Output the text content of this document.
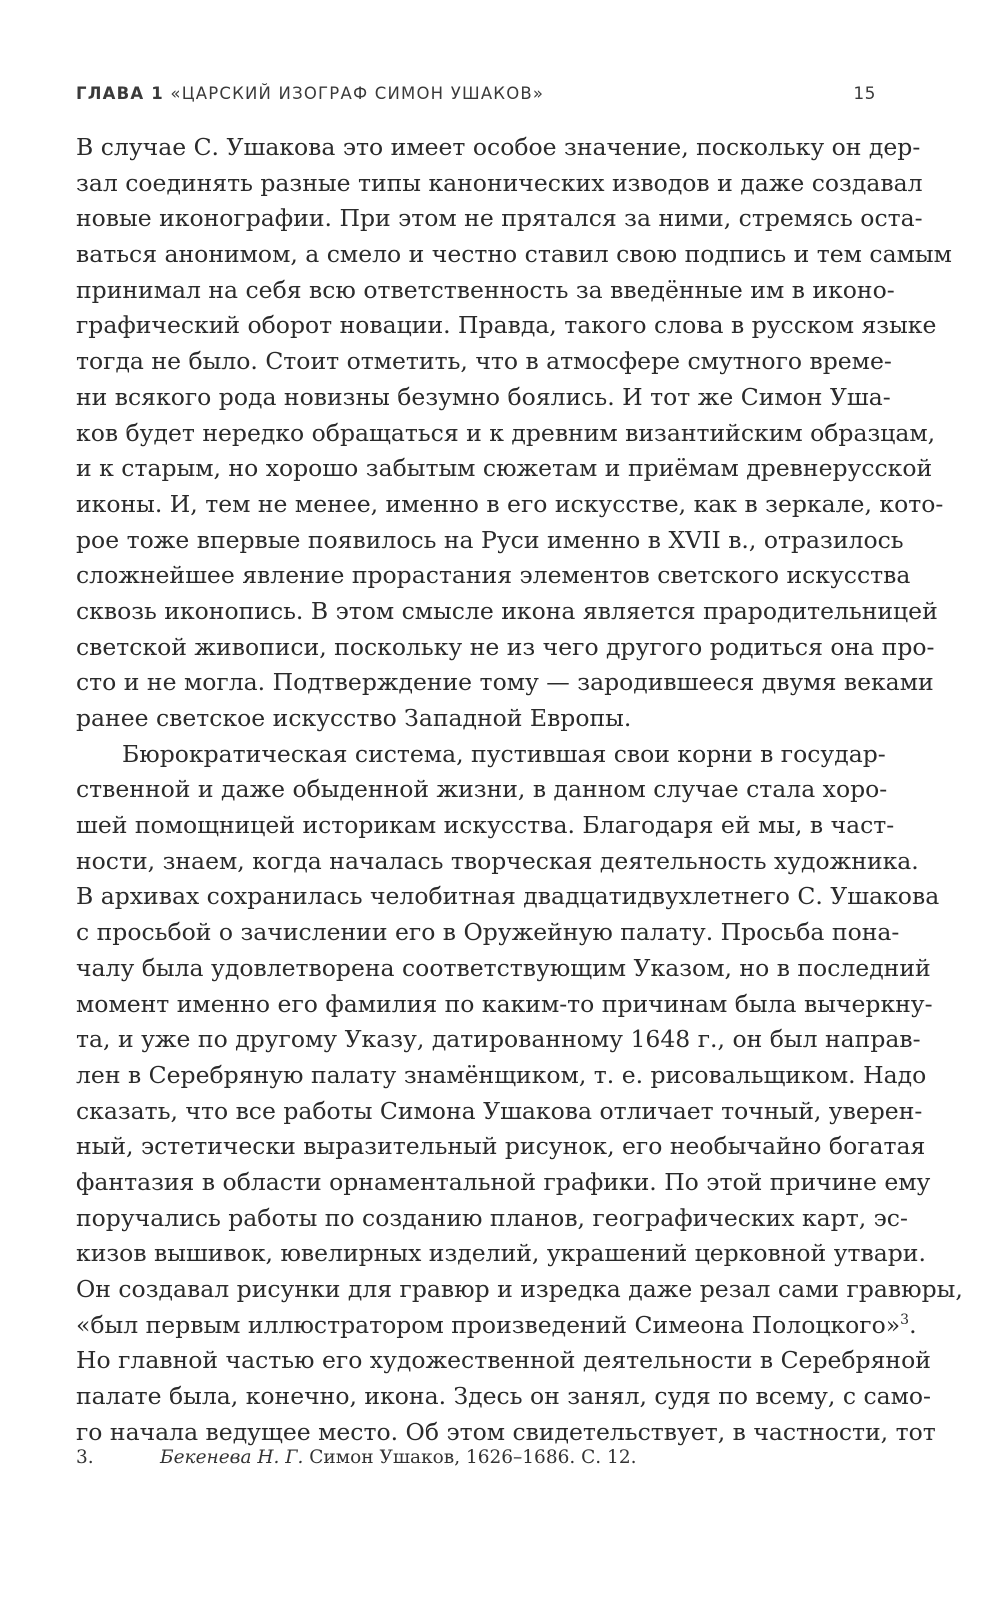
ГЛАВА 1 «ЦАРСКИЙ ИЗОГРАФ СИМОН УШАКОВ»	15
В случае С. Ушакова это имеет особое значение, поскольку он дер-
зал соединять разные типы канонических изводов и даже создавал
новые иконографии. При этом не прятался за ними, стремясь оста-
ваться анонимом, а смело и честно ставил свою подпись и тем самым
принимал на себя всю ответственность за введённые им в иконо-
графический оборот новации. Правда, такого слова в русском языке
тогда не было. Стоит отметить, что в атмосфере смутного време-
ни всякого рода новизны безумно боялись. И тот же Симон Уша-
ков будет нередко обращаться и к древним византийским образцам,
и к старым, но хорошо забытым сюжетам и приёмам древнерусской
иконы. И, тем не менее, именно в его искусстве, как в зеркале, кото-
рое тоже впервые появилось на Руси именно в XVII в., отразилось
сложнейшее явление прорастания элементов светского искусства
сквозь иконопись. В этом смысле икона является прародительницей
светской живописи, поскольку не из чего другого родиться она про-
сто и не могла. Подтверждение тому — зародившееся двумя веками
ранее светское искусство Западной Европы.
Бюрократическая система, пустившая свои корни в государ-
ственной и даже обыденной жизни, в данном случае стала хоро-
шей помощницей историкам искусства. Благодаря ей мы, в част-
ности, знаем, когда началась творческая деятельность художника.
В архивах сохранилась челобитная двадцатидвухлетнего С. Ушакова
с просьбой о зачислении его в Оружейную палату. Просьба пона-
чалу была удовлетворена соответствующим Указом, но в последний
момент именно его фамилия по каким-то причинам была вычеркну-
та, и уже по другому Указу, датированному 1648 г., он был направ-
лен в Серебряную палату знамёнщиком, т. е. рисовальщиком. Надо
сказать, что все работы Симона Ушакова отличает точный, уверен-
ный, эстетически выразительный рисунок, его необычайно богатая
фантазия в области орнаментальной графики. По этой причине ему
поручались работы по созданию планов, географических карт, эс-
кизов вышивок, ювелирных изделий, украшений церковной утвари.
Он создавал рисунки для гравюр и изредка даже резал сами гравюры,
«был первым иллюстратором произведений Симеона Полоцкого»$^3$.
Но главной частью его художественной деятельности в Серебряной
палате была, конечно, икона. Здесь он занял, судя по всему, с само-
го начала ведущее место. Об этом свидетельствует, в частности, тот
3.	Бекенева Н. Г. Симон Ушаков, 1626–1686. С. 12.
